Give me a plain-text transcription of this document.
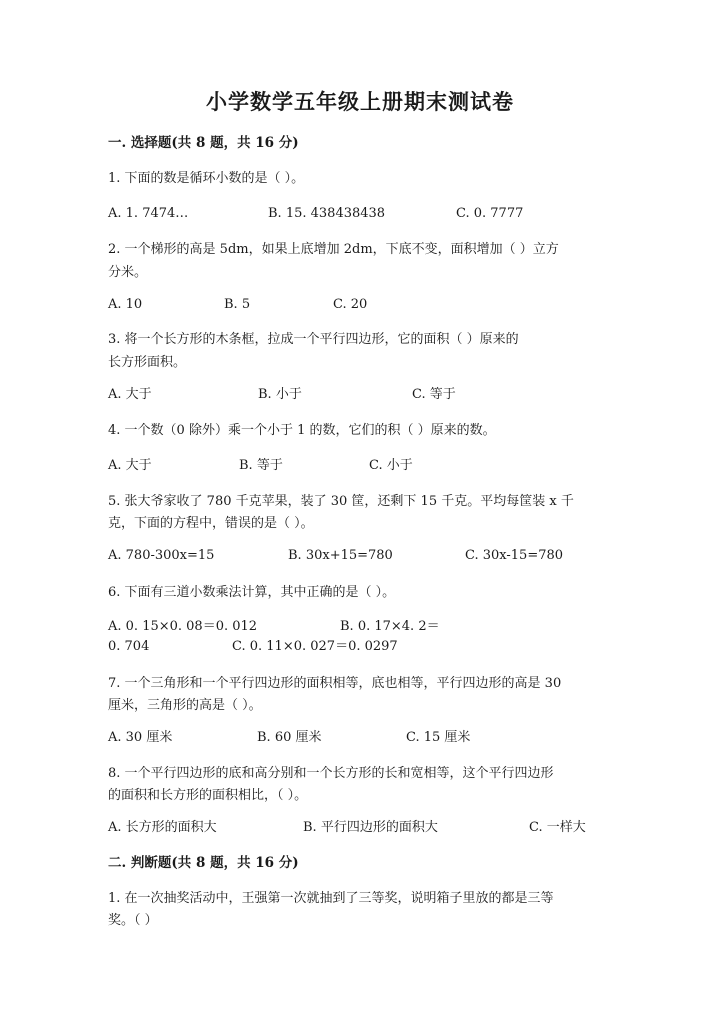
小学数学五年级上册期末测试卷
一. 选择题(共 8 题，共 16 分)
1. 下面的数是循环小数的是（ ）。
A. 1. 7474…	B. 15. 438438438	C. 0. 7777
2. 一个梯形的高是 5dm，如果上底增加 2dm，下底不变，面积增加（ ）立方
分米。
A. 10	B. 5	C. 20
3. 将一个长方形的木条框，拉成一个平行四边形，它的面积（ ）原来的
长方形面积。
A. 大于	B. 小于	C. 等于
4. 一个数（0 除外）乘一个小于 1 的数，它们的积（ ）原来的数。
A. 大于	B. 等于	C. 小于
5. 张大爷家收了 780 千克苹果，装了 30 筐，还剩下 15 千克。平均每筐装 x 千
克，下面的方程中，错误的是（ ）。
A. 780-300x=15	B. 30x+15=780	C. 30x-15=780
6. 下面有三道小数乘法计算，其中正确的是（ ）。
A. 0. 15×0. 08＝0. 012	B. 0. 17×4. 2＝
0. 704	C. 0. 11×0. 027＝0. 0297
7. 一个三角形和一个平行四边形的面积相等，底也相等，平行四边形的高是 30
厘米，三角形的高是（ ）。
A. 30 厘米	B. 60 厘米	C. 15 厘米
8. 一个平行四边形的底和高分别和一个长方形的长和宽相等，这个平行四边形
的面积和长方形的面积相比，（ ）。
A. 长方形的面积大	B. 平行四边形的面积大	C. 一样大
二. 判断题(共 8 题，共 16 分)
1. 在一次抽奖活动中，王强第一次就抽到了三等奖，说明箱子里放的都是三等
奖。（ ）
